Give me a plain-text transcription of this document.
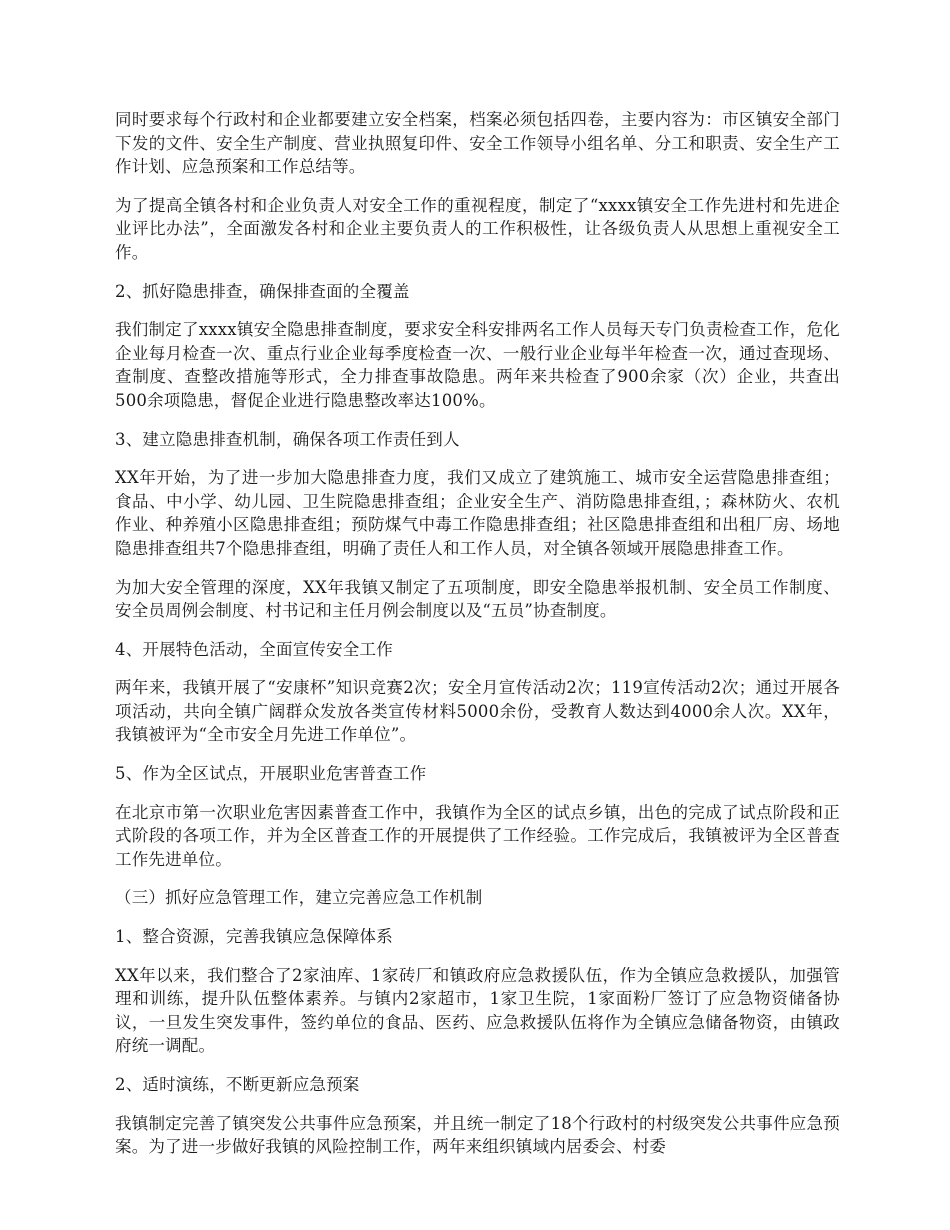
同时要求每个行政村和企业都要建立安全档案，档案必须包括四卷，主要内容为：市区镇安全部门下发的文件、安全生产制度、营业执照复印件、安全工作领导小组名单、分工和职责、安全生产工作计划、应急预案和工作总结等。

为了提高全镇各村和企业负责人对安全工作的重视程度，制定了“xxxx镇安全工作先进村和先进企业评比办法”，全面激发各村和企业主要负责人的工作积极性，让各级负责人从思想上重视安全工作。

2、抓好隐患排查，确保排查面的全覆盖

我们制定了xxxx镇安全隐患排查制度，要求安全科安排两名工作人员每天专门负责检查工作，危化企业每月检查一次、重点行业企业每季度检查一次、一般行业企业每半年检查一次，通过查现场、查制度、查整改措施等形式，全力排查事故隐患。两年来共检查了900余家（次）企业，共查出500余项隐患，督促企业进行隐患整改率达100%。

3、建立隐患排查机制，确保各项工作责任到人

XX年开始，为了进一步加大隐患排查力度，我们又成立了建筑施工、城市安全运营隐患排查组；食品、中小学、幼儿园、卫生院隐患排查组；企业安全生产、消防隐患排查组，；森林防火、农机作业、种养殖小区隐患排查组；预防煤气中毒工作隐患排查组；社区隐患排查组和出租厂房、场地隐患排查组共7个隐患排查组，明确了责任人和工作人员，对全镇各领域开展隐患排查工作。

为加大安全管理的深度，XX年我镇又制定了五项制度，即安全隐患举报机制、安全员工作制度、安全员周例会制度、村书记和主任月例会制度以及“五员”协查制度。

4、开展特色活动，全面宣传安全工作

两年来，我镇开展了“安康杯”知识竞赛2次；安全月宣传活动2次；119宣传活动2次；通过开展各项活动，共向全镇广阔群众发放各类宣传材料5000余份，受教育人数达到4000余人次。XX年，我镇被评为“全市安全月先进工作单位”。

5、作为全区试点，开展职业危害普查工作

在北京市第一次职业危害因素普查工作中，我镇作为全区的试点乡镇，出色的完成了试点阶段和正式阶段的各项工作，并为全区普查工作的开展提供了工作经验。工作完成后，我镇被评为全区普查工作先进单位。

（三）抓好应急管理工作，建立完善应急工作机制

1、整合资源，完善我镇应急保障体系

XX年以来，我们整合了2家油库、1家砖厂和镇政府应急救援队伍，作为全镇应急救援队，加强管理和训练，提升队伍整体素养。与镇内2家超市，1家卫生院，1家面粉厂签订了应急物资储备协议，一旦发生突发事件，签约单位的食品、医药、应急救援队伍将作为全镇应急储备物资，由镇政府统一调配。

2、适时演练，不断更新应急预案

我镇制定完善了镇突发公共事件应急预案，并且统一制定了18个行政村的村级突发公共事件应急预案。为了进一步做好我镇的风险控制工作，两年来组织镇域内居委会、村委
